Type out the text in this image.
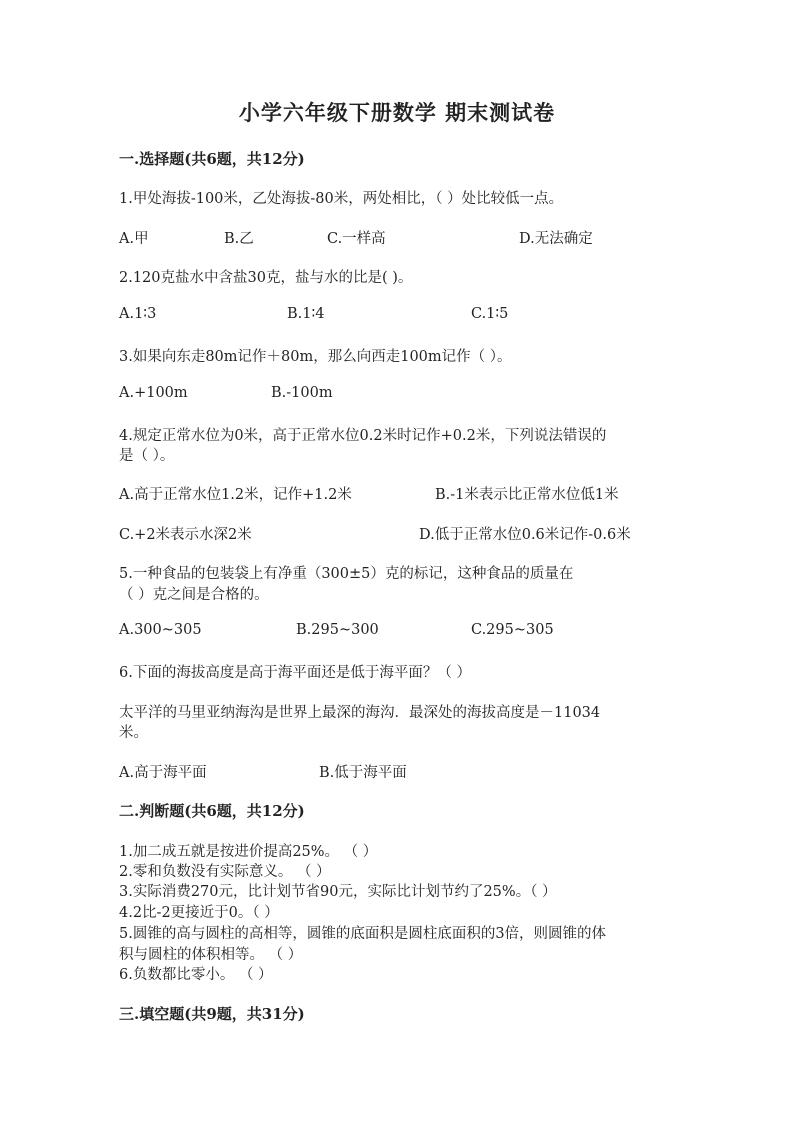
小学六年级下册数学 期末测试卷
一.选择题(共6题，共12分)
1.甲处海拔-100米，乙处海拔-80米，两处相比，（ ）处比较低一点。
A.甲	B.乙	C.一样高	D.无法确定
2.120克盐水中含盐30克，盐与水的比是( )。
A.1∶3	B.1∶4	C.1∶5
3.如果向东走80m记作＋80m，那么向西走100m记作（ ）。
A.+100m	B.-100m
4.规定正常水位为0米，高于正常水位0.2米时记作+0.2米，下列说法错误的
是（ ）。
A.高于正常水位1.2米，记作+1.2米	B.-1米表示比正常水位低1米
C.+2米表示水深2米	D.低于正常水位0.6米记作-0.6米
5.一种食品的包装袋上有净重（300±5）克的标记，这种食品的质量在
（ ）克之间是合格的。
A.300~305	B.295~300	C.295~305
6.下面的海拔高度是高于海平面还是低于海平面？（ ）
太平洋的马里亚纳海沟是世界上最深的海沟．最深处的海拔高度是－11034
米。
A.高于海平面	B.低于海平面
二.判断题(共6题，共12分)
1.加二成五就是按进价提高25%。 （ ）
2.零和负数没有实际意义。 （ ）
3.实际消费270元，比计划节省90元，实际比计划节约了25%。（ ）
4.2比-2更接近于0。（ ）
5.圆锥的高与圆柱的高相等，圆锥的底面积是圆柱底面积的3倍，则圆锥的体
积与圆柱的体积相等。 （ ）
6.负数都比零小。 （ ）
三.填空题(共9题，共31分)
